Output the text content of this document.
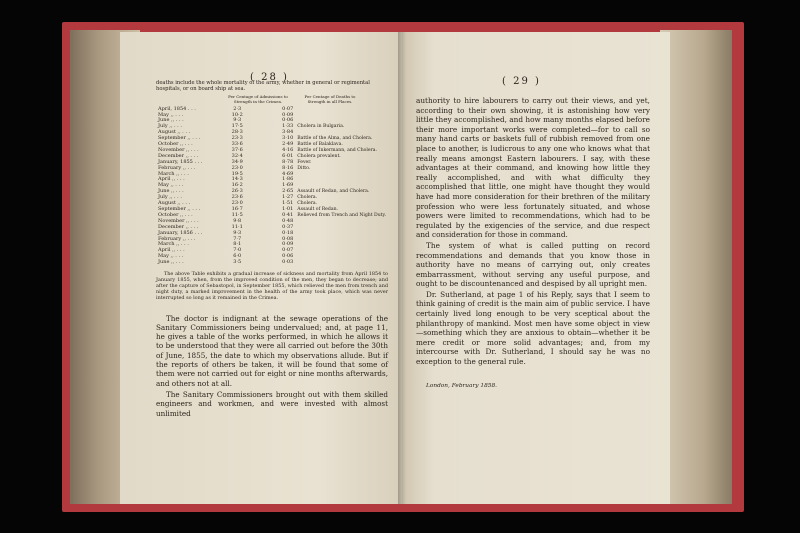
( 28 )
deaths include the whole mortality of the army, whether in general or regimental hospitals, or on board ship at sea.
Per Centage of Admissions to Strength in the Crimea.
Per Centage of Deaths to Strength in all Places.
April, 1854 . . .	2·3	0·07	
May ,, . . .	10·2	0·09	
June ,, . . .	9·3	0·06	
July ,, . . .	17·5	1·33	Cholera in Bulgaria.
August ,, . . .	28·3	3·84	
September ,, . . .	23·3	3·10	Battle of the Alma, and Cholera.
October ,, . . .	33·6	2·49	Battle of Balaklava.
November ,, . . .	37·6	4·16	Battle of Inkermann, and Cholera.
December ,, . . .	32·4	6·01	Cholera prevalent.
January, 1855 . . .	34·9	8·78	Fever.
February ,, . . .	23·0	8·16	Ditto.
March ,, . . .	19·5	4·69	
April ,, . . .	14·3	1·86	
May ,, . . .	16·2	1·69	
June ,, . . .	26·3	2·65	Assault of Redan, and Cholera.
July ,, . . .	23·6	1·27	Cholera.
August ,, . . .	23·0	1·51	Cholera.
September ,, . . .	16·7	1·01	Assault of Redan.
October ,, . . .	11·5	0·41	Relieved from Trench and Night Duty.
November ,, . . .	9·8	0·48	
December ,, . . .	11·1	0·37	
January, 1856 . . .	9·3	0·18	
February ,, . . .	7·7	0·08	
March ,, . . .	8·1	0·09	
April ,, . . .	7·0	0·07	
May ,, . . .	6·0	0·06	
June ,, . . .	3·5	0·03	
The above Table exhibits a gradual increase of sickness and mortality from April 1854 to January 1855, when, from the improved condition of the men, they began to decrease; and after the capture of Sebastopol, in September 1855, which relieved the men from trench and night duty, a marked improvement in the health of the army took place, which was never interrupted so long as it remained in the Crimea.

The doctor is indignant at the sewage operations of the Sanitary Commissioners being undervalued; and, at page 11, he gives a table of the works performed, in which he allows it to be understood that they were all carried out before the 30th of June, 1855, the date to which my observations allude. But if the reports of others be taken, it will be found that some of them were not carried out for eight or nine months afterwards, and others not at all.

The Sanitary Commissioners brought out with them skilled engineers and workmen, and were invested with almost unlimited

( 29 )

authority to hire labourers to carry out their views, and yet, according to their own showing, it is astonishing how very little they accomplished, and how many months elapsed before their more important works were completed—for to call so many hand carts or baskets full of rubbish removed from one place to another, is ludicrous to any one who knows what that really means amongst Eastern labourers. I say, with these advantages at their command, and knowing how little they really accomplished, and with what difficulty they accomplished that little, one might have thought they would have had more consideration for their brethren of the military profession who were less fortunately situated, and whose powers were limited to recommendations, which had to be regulated by the exigencies of the service, and due respect and consideration for those in command.

The system of what is called putting on record recommendations and demands that you know those in authority have no means of carrying out, only creates embarrassment, without serving any useful purpose, and ought to be discountenanced and despised by all upright men.

Dr. Sutherland, at page 1 of his Reply, says that I seem to think gaining of credit is the main aim of public service. I have certainly lived long enough to be very sceptical about the philanthropy of mankind. Most men have some object in view—something which they are anxious to obtain—whether it be mere credit or more solid advantages; and, from my intercourse with Dr. Sutherland, I should say he was no exception to the general rule.

London, February 1858.
